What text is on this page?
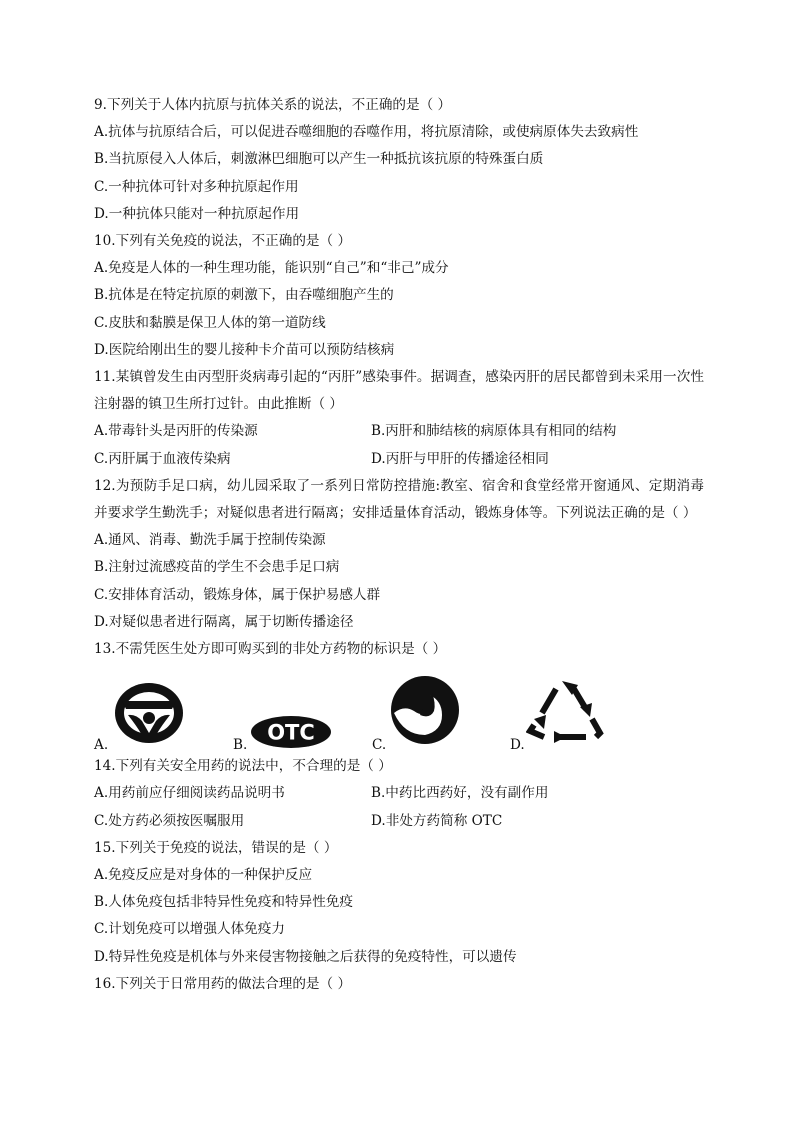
9.下列关于人体内抗原与抗体关系的说法，不正确的是（ ）
A.抗体与抗原结合后，可以促进吞噬细胞的吞噬作用，将抗原清除，或使病原体失去致病性
B.当抗原侵入人体后，刺激淋巴细胞可以产生一种抵抗该抗原的特殊蛋白质
C.一种抗体可针对多种抗原起作用
D.一种抗体只能对一种抗原起作用
10.下列有关免疫的说法，不正确的是（ ）
A.免疫是人体的一种生理功能，能识别“自己”和“非己”成分
B.抗体是在特定抗原的刺激下，由吞噬细胞产生的
C.皮肤和黏膜是保卫人体的第一道防线
D.医院给刚出生的婴儿接种卡介苗可以预防结核病
11.某镇曾发生由丙型肝炎病毒引起的“丙肝”感染事件。据调查，感染丙肝的居民都曾到未采用一次性注射器的镇卫生所打过针。由此推断（ ）
A.带毒针头是丙肝的传染源	B.丙肝和肺结核的病原体具有相同的结构
C.丙肝属于血液传染病	D.丙肝与甲肝的传播途径相同
12.为预防手足口病，幼儿园采取了一系列日常防控措施:教室、宿舍和食堂经常开窗通风、定期消毒并要求学生勤洗手；对疑似患者进行隔离；安排适量体育活动，锻炼身体等。下列说法正确的是（ ）
A.通风、消毒、勤洗手属于控制传染源
B.注射过流感疫苗的学生不会患手足口病
C.安排体育活动，锻炼身体，属于保护易感人群
D.对疑似患者进行隔离，属于切断传播途径
13.不需凭医生处方即可购买到的非处方药物的标识是（ ）
A.	B.
OTC
C.	D.
14.下列有关安全用药的说法中，不合理的是（ ）
A.用药前应仔细阅读药品说明书	B.中药比西药好，没有副作用
C.处方药必须按医嘱服用	D.非处方药简称 OTC
15.下列关于免疫的说法，错误的是（ ）
A.免疫反应是对身体的一种保护反应
B.人体免疫包括非特异性免疫和特异性免疫
C.计划免疫可以增强人体免疫力
D.特异性免疫是机体与外来侵害物接触之后获得的免疫特性，可以遗传
16.下列关于日常用药的做法合理的是（ ）
